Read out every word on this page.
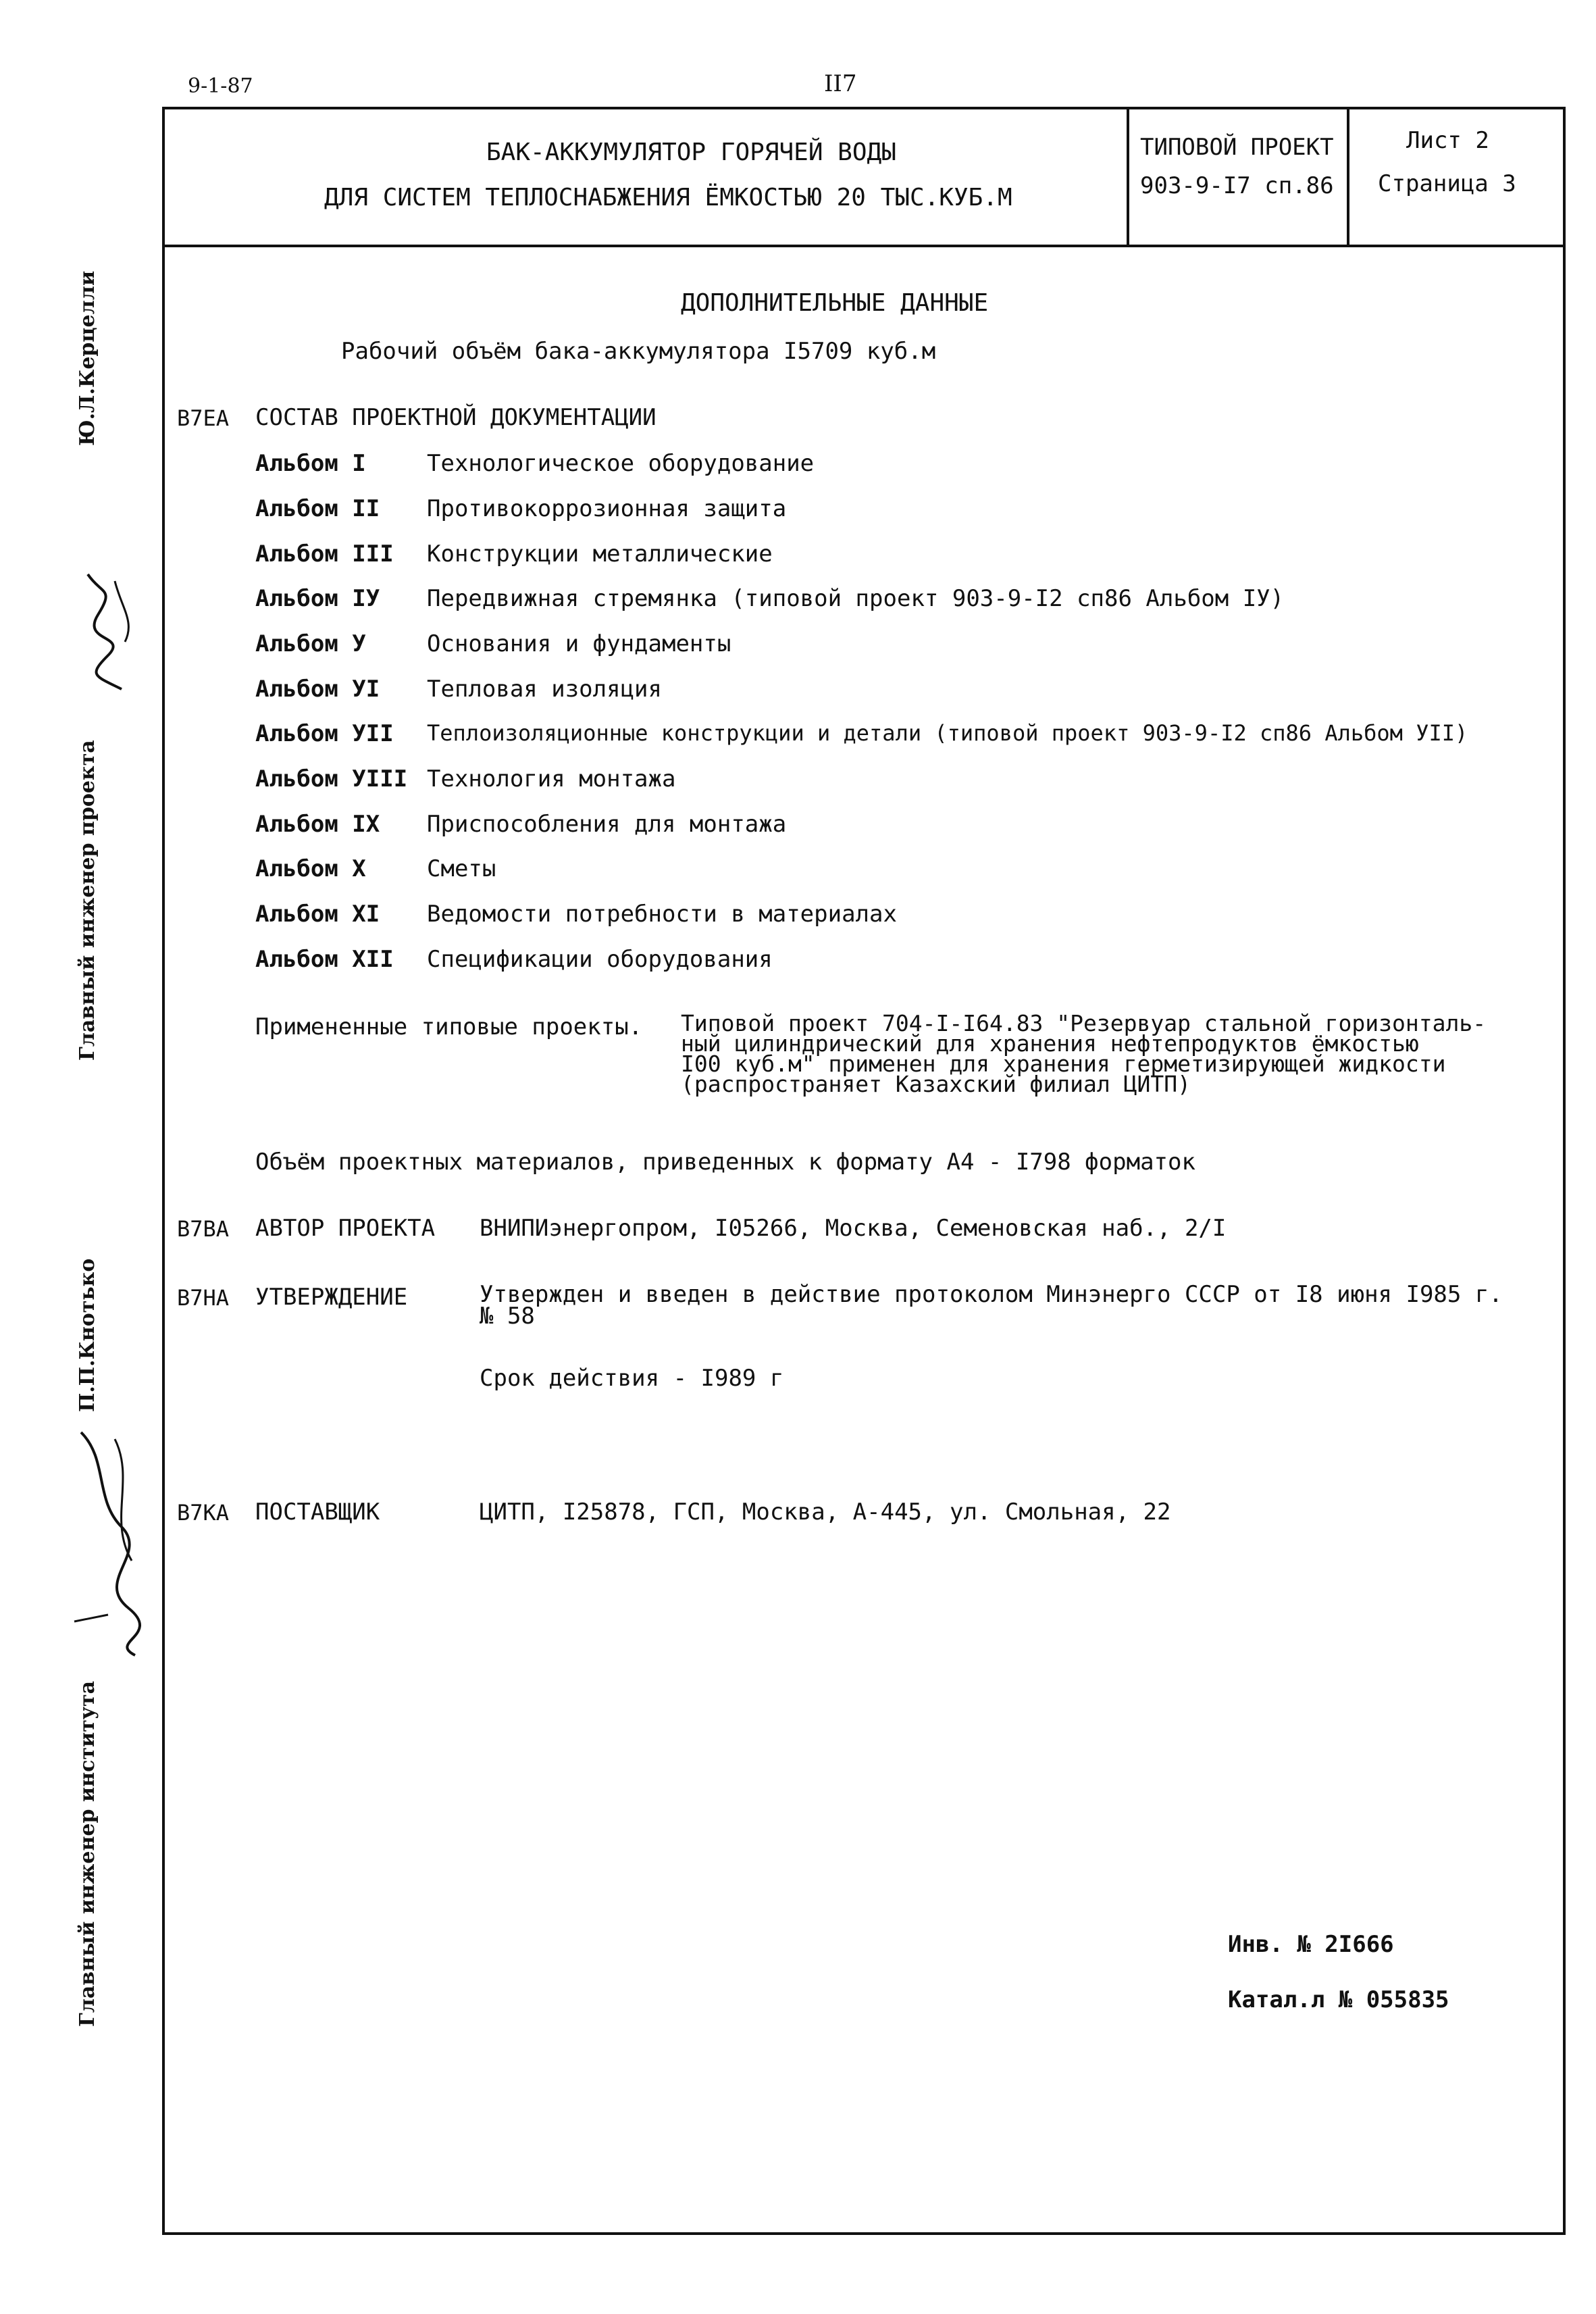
9-1-87	II7
БАК-АККУМУЛЯТОР ГОРЯЧЕЙ ВОДЫ
ДЛЯ СИСТЕМ ТЕПЛОСНАБЖЕНИЯ ЁМКОСТЬЮ 20 ТЫС.КУБ.М
ТИПОВОЙ ПРОЕКТ
903-9-I7 сп.86
Лист 2
Страница 3
ДОПОЛНИТЕЛЬНЫЕ ДАННЫЕ
Рабочий объём бака-аккумулятора I5709 куб.м
В7ЕА СОСТАВ ПРОЕКТНОЙ ДОКУМЕНТАЦИИ
Альбом I	Технологическое оборудование
Альбом II Противокоррозионная защита
Альбом III Конструкции металлические
Альбом IУ Передвижная стремянка (типовой проект 903-9-I2 сп86 Альбом IУ)
Альбом У	Основания и фундаменты
Альбом УI Тепловая изоляция
Альбом УII Теплоизоляционные конструкции и детали (типовой проект 903-9-I2 сп86 Альбом УII)
Альбом УIII Технология монтажа
Альбом IX Приспособления для монтажа
Альбом X	Сметы
Альбом XI Ведомости потребности в материалах
Альбом XII Спецификации оборудования
Примененные типовые проекты. Типовой проект 704-I-I64.83 "Резервуар стальной горизонталь-
ный цилиндрический для хранения нефтепродуктов ёмкостью
I00 куб.м" применен для хранения герметизирующей жидкости
(распространяет Казахский филиал ЦИТП)
Объём проектных материалов, приведенных к формату А4 - I798 форматок
В7ВА АВТОР ПРОЕКТА ВНИПИэнергопром, I05266, Москва, Семеновская наб., 2/I
В7НА УТВЕРЖДЕНИЕ	Утвержден и введен в действие протоколом Минэнерго СССР от I8 июня I985 г.
№ 58
Срок действия - I989 г
В7КА ПОСТАВЩИК	ЦИТП, I25878, ГСП, Москва, А-445, ул. Смольная, 22
Инв. № 2I666
Катал.л № 055835
Ю.Л.Керцелли
Главный инженер проекта
П.П.Кнотько
Главный инженер института
